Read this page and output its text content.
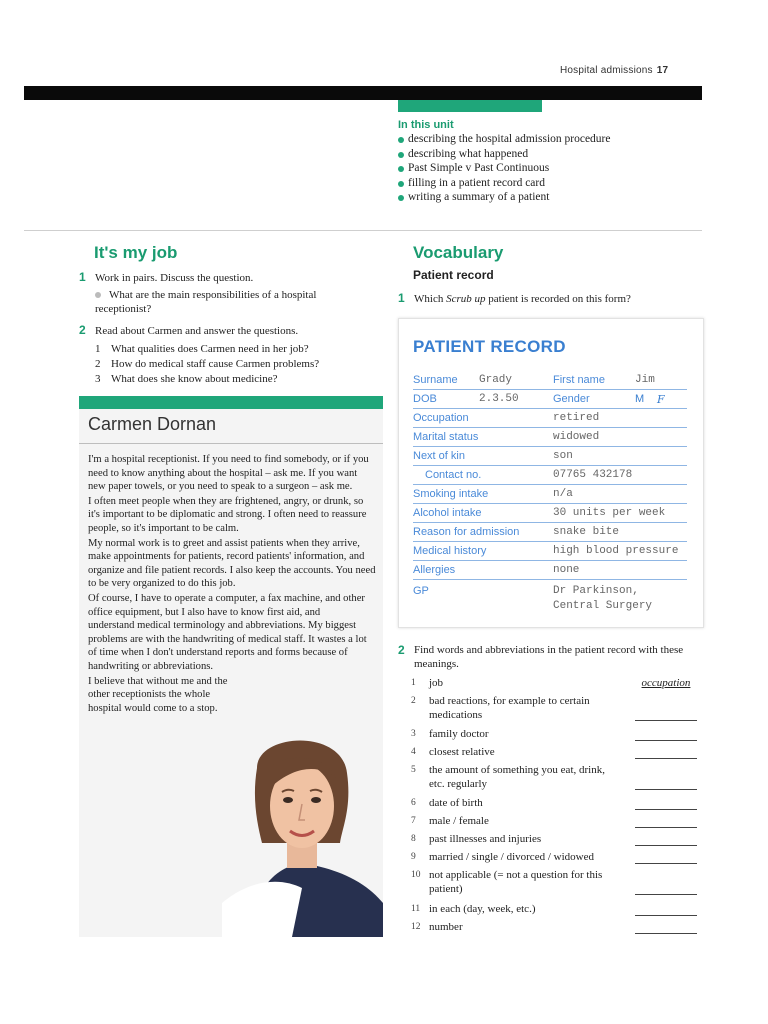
Hospital admissions 17
In this unit
describing the hospital admission procedure
describing what happened
Past Simple v Past Continuous
filling in a patient record card
writing a summary of a patient
It's my job
1 Work in pairs. Discuss the question.
What are the main responsibilities of a hospital receptionist?
2 Read about Carmen and answer the questions.
1 What qualities does Carmen need in her job?
2 How do medical staff cause Carmen problems?
3 What does she know about medicine?
Carmen Dornan

I'm a hospital receptionist. If you need to find somebody, or if you need to know anything about the hospital – ask me. If you want new paper towels, or you need to speak to a surgeon – ask me.

I often meet people when they are frightened, angry, or drunk, so it's important to be diplomatic and strong. I often need to reassure people, so it's important to be calm.

My normal work is to greet and assist patients when they arrive, make appointments for patients, record patients' information, and organize and file patient records. I also keep the accounts. You need to be very organized to do this job.

Of course, I have to operate a computer, a fax machine, and other office equipment, but I also have to know first aid, and understand medical terminology and abbreviations. My biggest problems are with the handwriting of medical staff. It wastes a lot of time when I don't understand reports and forms because of handwriting or abbreviations.

I believe that without me and the other receptionists the whole hospital would come to a stop.

Vocabulary
Patient record
1 Which Scrub up patient is recorded on this form?
PATIENT RECORD
Surname Grady	First name	Jim
DOB	2.3.50	Gender	M F
Occupation	retired
Marital status	widowed
Next of kin	son
Contact no.	07765 432178
Smoking intake	n/a
Alcohol intake	30 units per week
Reason for admission	snake bite
Medical history	high blood pressure
Allergies	none
GP	Dr Parkinson,
Central Surgery
2 Find words and abbreviations in the patient record with these meanings.
1	job	occupation
2	bad reactions, for example to certain medications
3	family doctor
4	closest relative
5	the amount of something you eat, drink, etc. regularly
6	date of birth
7	male / female
8	past illnesses and injuries
9	married / single / divorced / widowed
10 not applicable (= not a question for this patient)
11 in each (day, week, etc.)
12 number
